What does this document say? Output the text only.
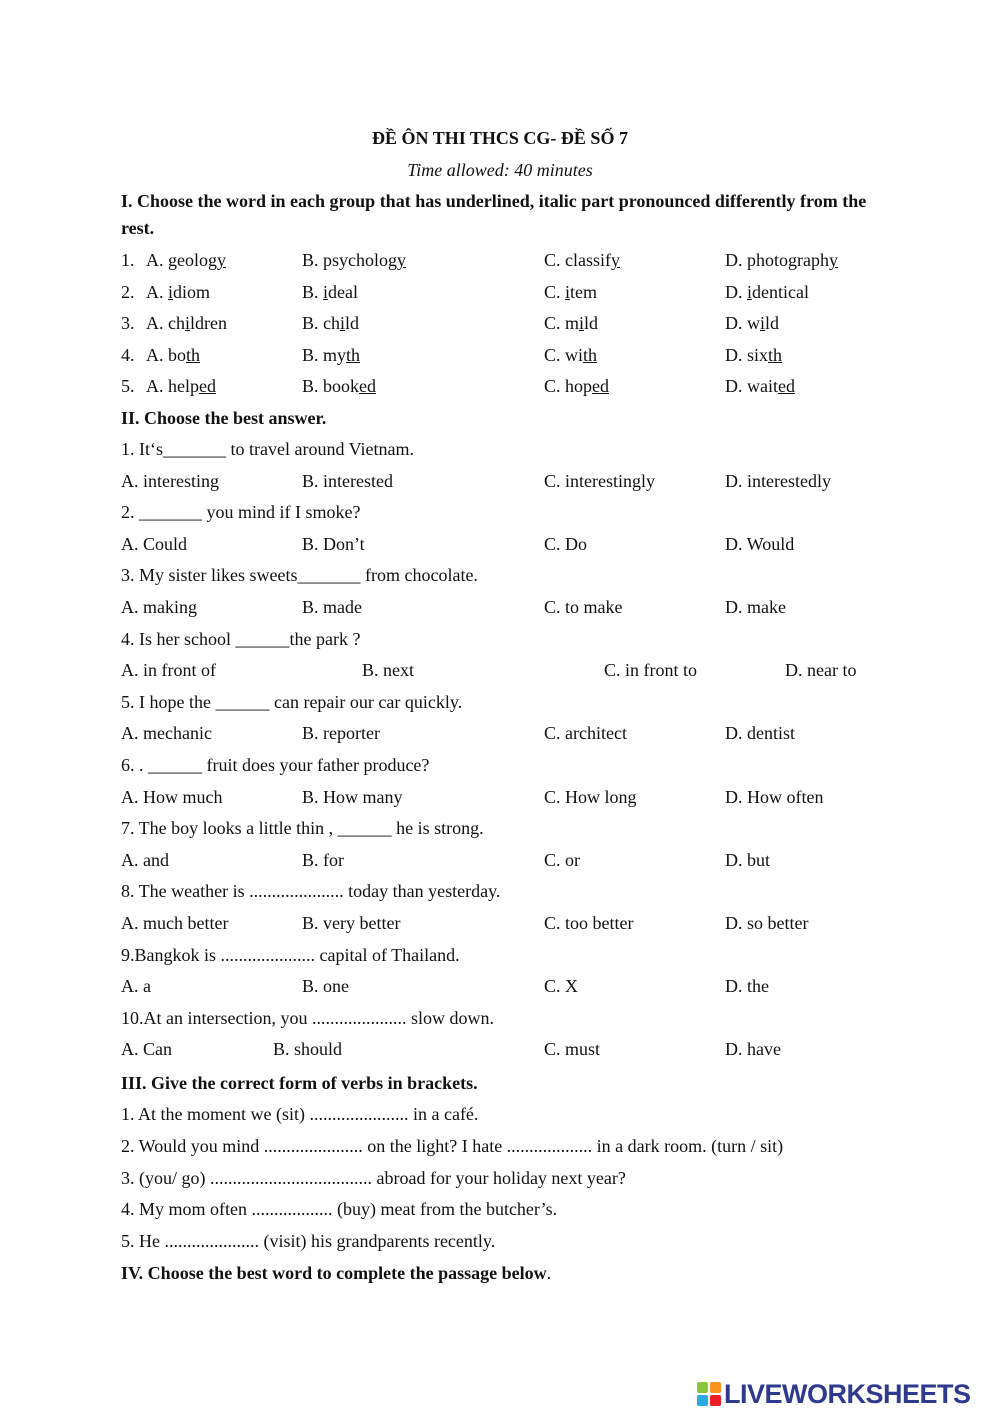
ĐỀ ÔN THI THCS CG- ĐỀ SỐ 7
Time allowed: 40 minutes
I. Choose the word in each group that has underlined, italic part pronounced differently from the rest.
1. A. geology	B. psychology	C. classify	D. photography
2. A. idiom	B. ideal	C. item	D. identical
3. A. children	B. child	C. mild	D. wild
4. A. both	B. myth	C. with	D. sixth
5. A. helped	B. booked	C. hoped	D. waited
II. Choose the best answer.
1. It‘s_______ to travel around Vietnam.
A. interesting	B. interested	C. interestingly	D. interestedly
2. _______ you mind if I smoke?
A. Could	B. Don’t	C. Do	D. Would
3. My sister likes sweets_______ from chocolate.
A. making	B. made	C. to make	D. make
4. Is her school ______the park ?
A. in front of	B. next	C. in front to	D. near to
5. I hope the ______ can repair our car quickly.
A. mechanic	B. reporter	C. architect	D. dentist
6. . ______ fruit does your father produce?
A. How much	B. How many	C. How long	D. How often
7. The boy looks a little thin , ______ he is strong.
A. and	B. for	C. or	D. but
8. The weather is ..................... today than yesterday.
A. much better	B. very better	C. too better	D. so better
9.Bangkok is ..................... capital of Thailand.
A. a	B. one	C. X	D. the
10.At an intersection, you ..................... slow down.
A. Can	B. should	C. must	D. have
III. Give the correct form of verbs in brackets.
1. At the moment we (sit) ...................... in a café.
2. Would you mind ...................... on the light? I hate ................... in a dark room. (turn / sit)
3. (you/ go) .................................... abroad for your holiday next year?
4. My mom often .................. (buy) meat from the butcher’s.
5. He ..................... (visit) his grandparents recently.
IV. Choose the best word to complete the passage below.
LIVEWORKSHEETS
